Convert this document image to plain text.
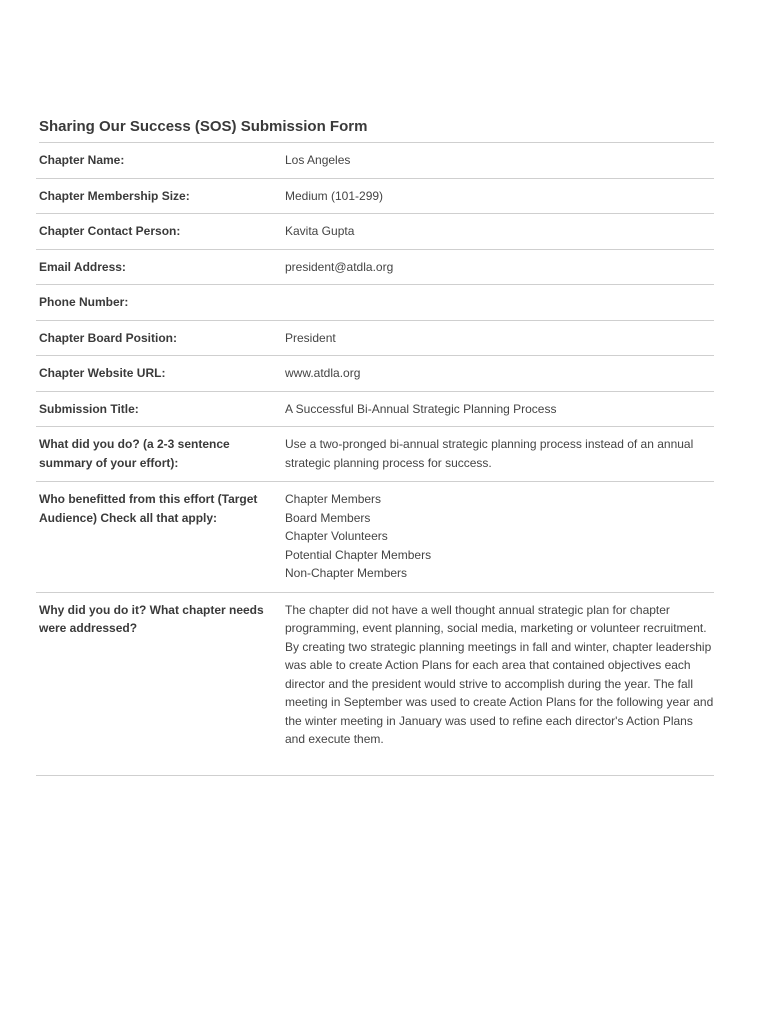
Sharing Our Success (SOS) Submission Form
Chapter Name:	Los Angeles
Chapter Membership Size:	Medium (101-299)
Chapter Contact Person:	Kavita Gupta
Email Address:	president@atdla.org
Phone Number:
Chapter Board Position:	President
Chapter Website URL:	www.atdla.org
Submission Title:	A Successful Bi-Annual Strategic Planning Process
What did you do? (a 2-3 sentence summary of your effort):
Use a two-pronged bi-annual strategic planning process instead of an annual strategic planning process for success.
Who benefitted from this effort (Target Audience) Check all that apply:
Chapter Members
Board Members
Chapter Volunteers
Potential Chapter Members
Non-Chapter Members
Why did you do it? What chapter needs were addressed?
The chapter did not have a well thought annual strategic plan for chapter programming, event planning, social media, marketing or volunteer recruitment. By creating two strategic planning meetings in fall and winter, chapter leadership was able to create Action Plans for each area that contained objectives each director and the president would strive to accomplish during the year. The fall meeting in September was used to create Action Plans for the following year and the winter meeting in January was used to refine each director's Action Plans and execute them.
